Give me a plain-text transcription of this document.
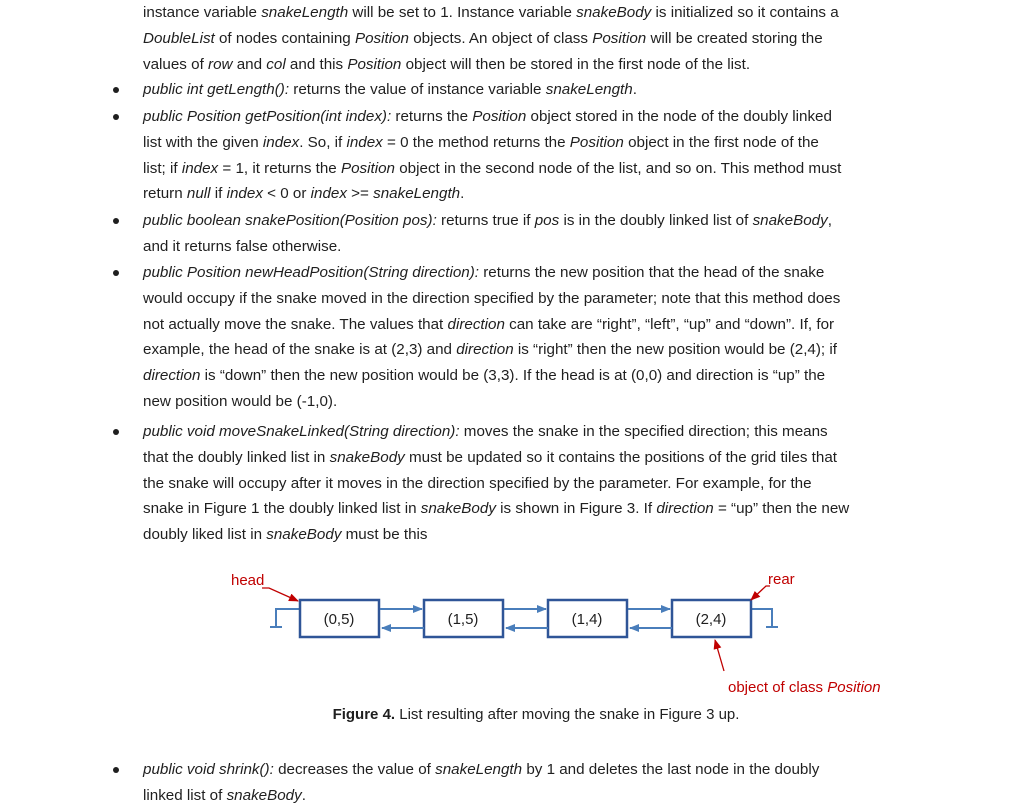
instance variable snakeLength will be set to 1. Instance variable snakeBody is initialized so it contains a
DoubleList of nodes containing Position objects. An object of class Position will be created storing the
values of row and col and this Position object will then be stored in the first node of the list.
public int getLength(): returns the value of instance variable snakeLength.
public Position getPosition(int index): returns the Position object stored in the node of the doubly linked
list with the given index. So, if index = 0 the method returns the Position object in the first node of the
list; if index = 1, it returns the Position object in the second node of the list, and so on. This method must
return null if index < 0 or index >= snakeLength.
public boolean snakePosition(Position pos): returns true if pos is in the doubly linked list of snakeBody,
and it returns false otherwise.
public Position newHeadPosition(String direction): returns the new position that the head of the snake
would occupy if the snake moved in the direction specified by the parameter; note that this method does
not actually move the snake. The values that direction can take are “right”, “left”, “up” and “down”. If, for
example, the head of the snake is at (2,3) and direction is “right” then the new position would be (2,4); if
direction is “down” then the new position would be (3,3). If the head is at (0,0) and direction is “up” the
new position would be (-1,0).
public void moveSnakeLinked(String direction): moves the snake in the specified direction; this means
that the doubly linked list in snakeBody must be updated so it contains the positions of the grid tiles that
the snake will occupy after it moves in the direction specified by the parameter. For example, for the
snake in Figure 1 the doubly linked list in snakeBody is shown in Figure 3. If direction = “up” then the new
doubly liked list in snakeBody must be this
(0,5)	(1,5)	(1,4)	(2,4)
head	rear
object of class Position

Figure 4. List resulting after moving the snake in Figure 3 up.

public void shrink(): decreases the value of snakeLength by 1 and deletes the last node in the doubly
linked list of snakeBody.
